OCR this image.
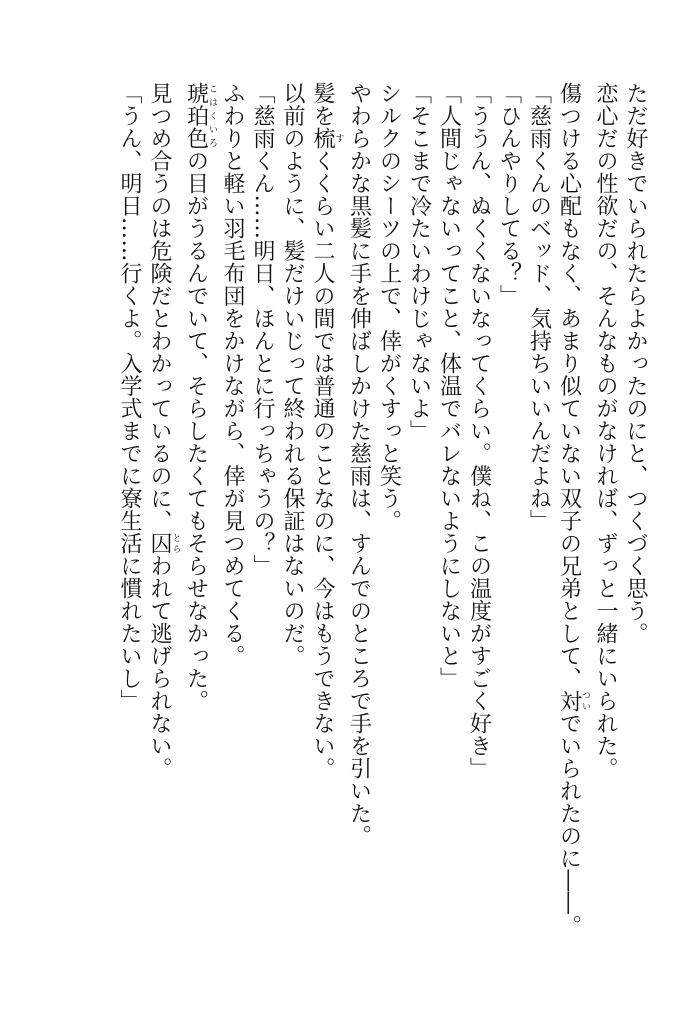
ただ好きでいられたらよかったのにと、つくづく思う。
恋心だの性欲だの、そんなものがなければ、ずっと一緒にいられた。
傷つける心配もなく、あまり似ていない双子の兄弟として、対ついでいられたのに――。
「慈雨くんのベッド、気持ちいいんだよね」
「ひんやりしてる？」
「ううん、ぬくくないなってくらい。僕ね、この温度がすごく好き」
「人間じゃないってこと、体温でバレないようにしないと」
「そこまで冷たいわけじゃないよ」
シルクのシーツの上で、倖がくすっと笑う。
やわらかな黒髪に手を伸ばしかけた慈雨は、すんでのところで手を引いた。
髪を梳すくくらい二人の間では普通のことなのに、今はもうできない。
以前のように、髪だけいじって終われる保証はないのだ。
「慈雨くん……明日、ほんとに行っちゃうの？」
ふわりと軽い羽毛布団をかけながら、倖が見つめてくる。
琥珀色こはくいろの目がうるんでいて、そらしたくてもそらせなかった。
見つめ合うのは危険だとわかっているのに、囚とらわれて逃げられない。
「うん、明日……行くよ。入学式までに寮生活に慣れたいし」
